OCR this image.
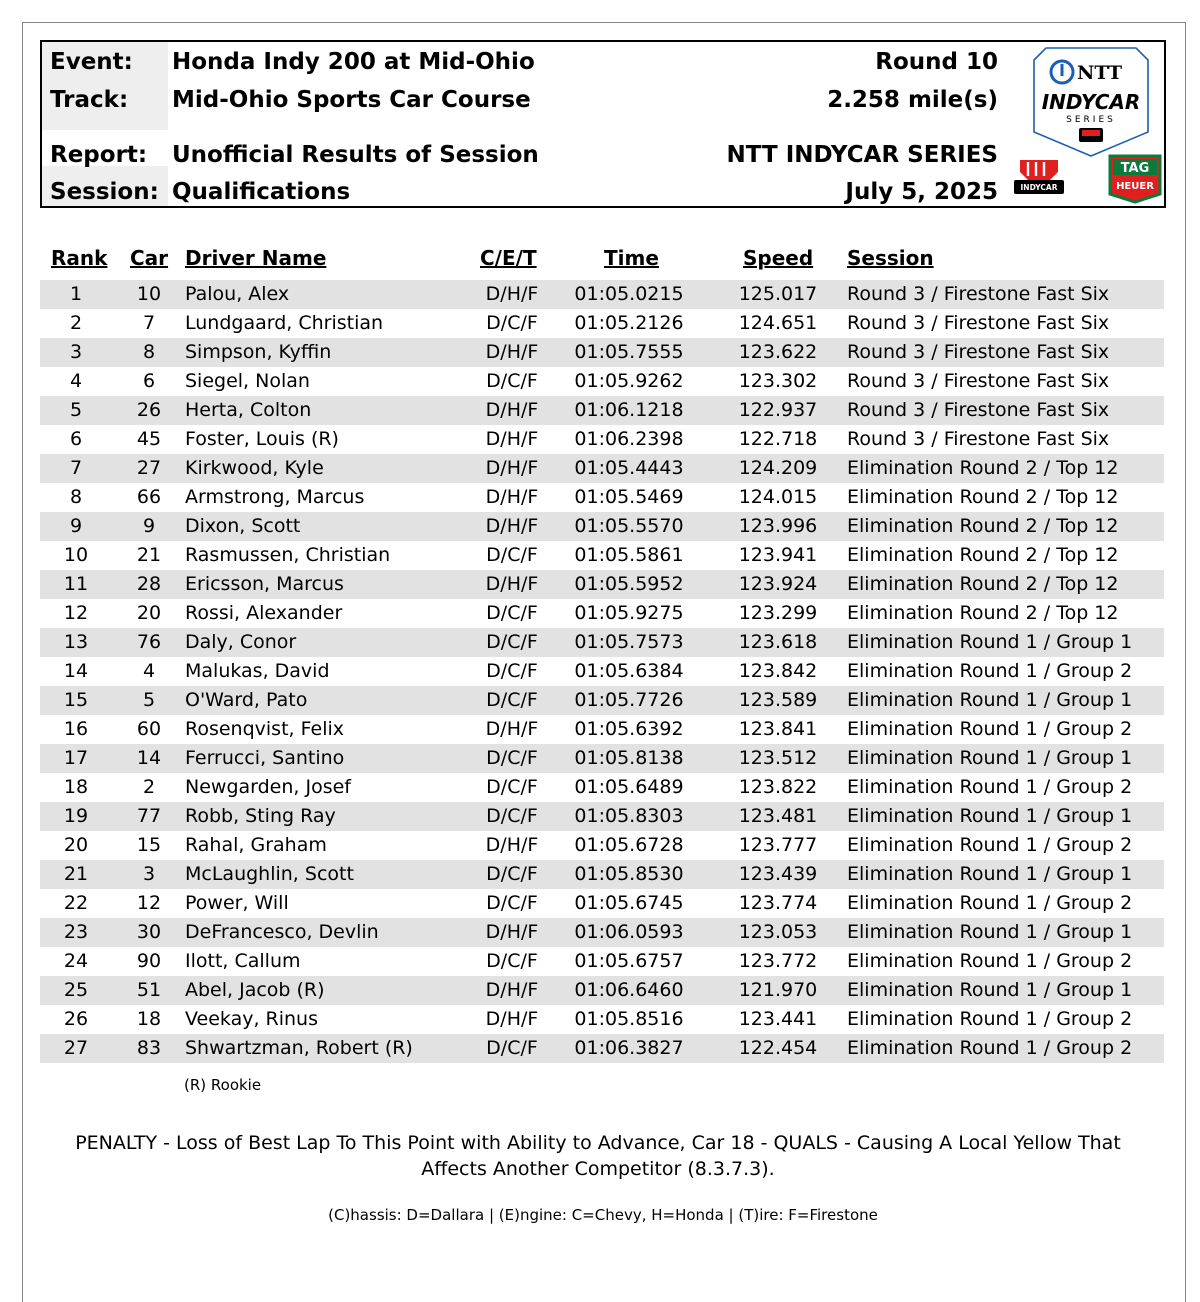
Event: Honda Indy 200 at Mid-Ohio	Round 10
Track: Mid-Ohio Sports Car Course	2.258 mile(s)
Report: Unofficial Results of Session	NTT INDYCAR SERIES
Session: Qualifications	July 5, 2025
NTT
INDYCAR
SERIES
INDYCAR
TAG
HEUER
Rank Car Driver Name	C/E/T	Time	Speed Session
1	10	Palou, Alex	D/H/F	01:05.0215	125.017 Round 3 / Firestone Fast Six
2	7	Lundgaard, Christian	D/C/F	01:05.2126	124.651 Round 3 / Firestone Fast Six
3	8	Simpson, Kyffin	D/H/F	01:05.7555	123.622 Round 3 / Firestone Fast Six
4	6	Siegel, Nolan	D/C/F	01:05.9262	123.302 Round 3 / Firestone Fast Six
5	26	Herta, Colton	D/H/F	01:06.1218	122.937 Round 3 / Firestone Fast Six
6	45	Foster, Louis (R)	D/H/F	01:06.2398	122.718 Round 3 / Firestone Fast Six
7	27	Kirkwood, Kyle	D/H/F	01:05.4443	124.209 Elimination Round 2 / Top 12
8	66	Armstrong, Marcus	D/H/F	01:05.5469	124.015 Elimination Round 2 / Top 12
9	9	Dixon, Scott	D/H/F	01:05.5570	123.996 Elimination Round 2 / Top 12
10	21	Rasmussen, Christian	D/C/F	01:05.5861	123.941 Elimination Round 2 / Top 12
11	28	Ericsson, Marcus	D/H/F	01:05.5952	123.924 Elimination Round 2 / Top 12
12	20	Rossi, Alexander	D/C/F	01:05.9275	123.299 Elimination Round 2 / Top 12
13	76	Daly, Conor	D/C/F	01:05.7573	123.618 Elimination Round 1 / Group 1
14	4	Malukas, David	D/C/F	01:05.6384	123.842 Elimination Round 1 / Group 2
15	5	O'Ward, Pato	D/C/F	01:05.7726	123.589 Elimination Round 1 / Group 1
16	60	Rosenqvist, Felix	D/H/F	01:05.6392	123.841 Elimination Round 1 / Group 2
17	14	Ferrucci, Santino	D/C/F	01:05.8138	123.512 Elimination Round 1 / Group 1
18	2	Newgarden, Josef	D/C/F	01:05.6489	123.822 Elimination Round 1 / Group 2
19	77	Robb, Sting Ray	D/C/F	01:05.8303	123.481 Elimination Round 1 / Group 1
20	15	Rahal, Graham	D/H/F	01:05.6728	123.777 Elimination Round 1 / Group 2
21	3	McLaughlin, Scott	D/C/F	01:05.8530	123.439 Elimination Round 1 / Group 1
22	12	Power, Will	D/C/F	01:05.6745	123.774 Elimination Round 1 / Group 2
23	30	DeFrancesco, Devlin	D/H/F	01:06.0593	123.053 Elimination Round 1 / Group 1
24	90	Ilott, Callum	D/C/F	01:05.6757	123.772 Elimination Round 1 / Group 2
25	51	Abel, Jacob (R)	D/H/F	01:06.6460	121.970 Elimination Round 1 / Group 1
26	18	Veekay, Rinus	D/H/F	01:05.8516	123.441 Elimination Round 1 / Group 2
27	83	Shwartzman, Robert (R)	D/C/F	01:06.3827	122.454 Elimination Round 1 / Group 2
(R) Rookie
PENALTY - Loss of Best Lap To This Point with Ability to Advance, Car 18 - QUALS - Causing A Local Yellow That Affects Another Competitor (8.3.7.3).
(C)hassis: D=Dallara | (E)ngine: C=Chevy, H=Honda | (T)ire: F=Firestone
